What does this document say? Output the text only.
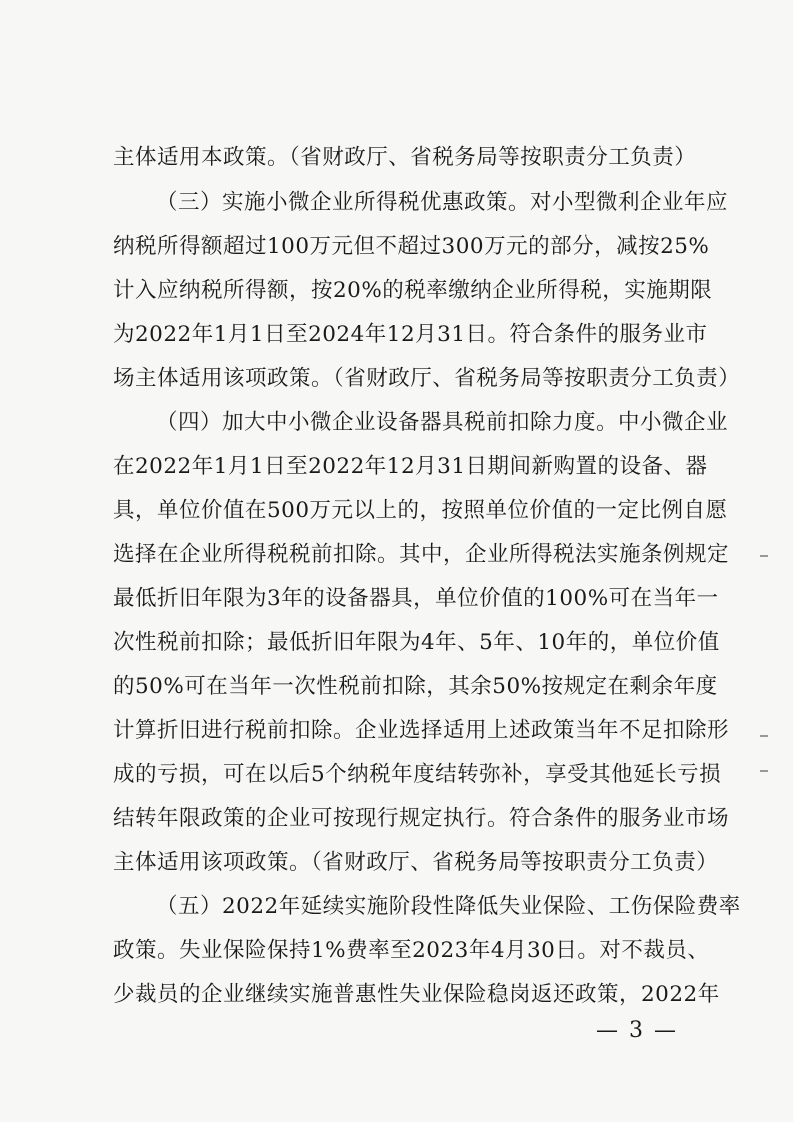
主体适用本政策。（省财政厅、省税务局等按职责分工负责）
（三）实施小微企业所得税优惠政策。对小型微利企业年应
纳税所得额超过100万元但不超过300万元的部分，减按25%
计入应纳税所得额，按20%的税率缴纳企业所得税，实施期限
为2022年1月1日至2024年12月31日。符合条件的服务业市
场主体适用该项政策。（省财政厅、省税务局等按职责分工负责）
（四）加大中小微企业设备器具税前扣除力度。中小微企业
在2022年1月1日至2022年12月31日期间新购置的设备、器
具，单位价值在500万元以上的，按照单位价值的一定比例自愿
选择在企业所得税税前扣除。其中，企业所得税法实施条例规定
最低折旧年限为3年的设备器具，单位价值的100%可在当年一
次性税前扣除；最低折旧年限为4年、5年、10年的，单位价值
的50%可在当年一次性税前扣除，其余50%按规定在剩余年度
计算折旧进行税前扣除。企业选择适用上述政策当年不足扣除形
成的亏损，可在以后5个纳税年度结转弥补，享受其他延长亏损
结转年限政策的企业可按现行规定执行。符合条件的服务业市场
主体适用该项政策。（省财政厅、省税务局等按职责分工负责）
（五）2022年延续实施阶段性降低失业保险、工伤保险费率
政策。失业保险保持1%费率至2023年4月30日。对不裁员、
少裁员的企业继续实施普惠性失业保险稳岗返还政策，2022年
— 3 —
